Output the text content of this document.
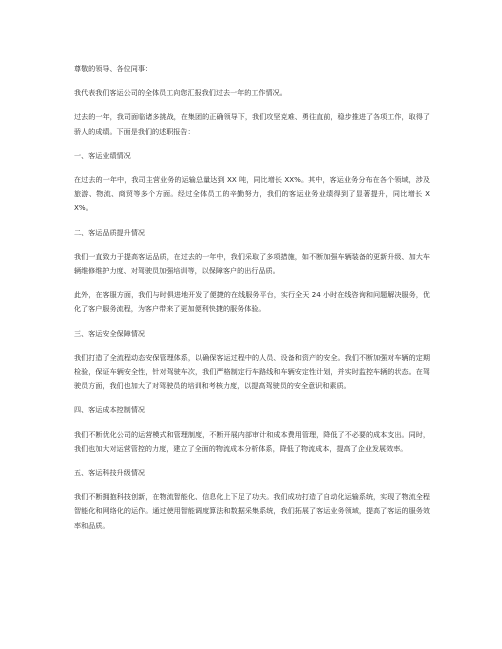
尊敬的领导、各位同事：

我代表我们客运公司的全体员工向您汇报我们过去一年的工作情况。

过去的一年，我司面临诸多挑战，在集团的正确领导下，我们攻坚克难、勇往直前，稳步推进了各项工作，取得了骄人的成绩。下面是我们的述职报告：

一、客运业绩情况

在过去的一年中，我司主营业务的运输总量达到 XX 吨，同比增长 XX%。其中，客运业务分布在各个领域，涉及旅游、物流、商贸等多个方面。经过全体员工的辛勤努力，我们的客运业务业绩得到了显著提升，同比增长 XX%。

二、客运品质提升情况

我们一直致力于提高客运品质，在过去的一年中，我们采取了多项措施，如不断加强车辆装备的更新升级、加大车辆维修维护力度、对驾驶员加强培训等，以保障客户的出行品质。

此外，在客服方面，我们与时俱进地开发了便捷的在线服务平台，实行全天 24 小时在线咨询和问题解决服务，优化了客户服务流程，为客户带来了更加便利快捷的服务体验。

三、客运安全保障情况

我们打造了全流程动态安保管理体系，以确保客运过程中的人员、设备和资产的安全。我们不断加强对车辆的定期检验，保证车辆安全性，针对驾驶车次，我们严格制定行车路线和车辆安定性计划，并实时监控车辆的状态。在驾驶员方面，我们也加大了对驾驶员的培训和考核力度，以提高驾驶员的安全意识和素质。

四、客运成本控制情况

我们不断优化公司的运营模式和管理制度，不断开展内部审计和成本费用管理，降低了不必要的成本支出。同时，我们也加大对运营管控的力度，建立了全面的物流成本分析体系，降低了物流成本，提高了企业发展效率。

五、客运科技升级情况

我们不断拥抱科技创新，在物流智能化、信息化上下足了功夫。我们成功打造了自动化运输系统，实现了物流全程智能化和网络化的运作。通过使用智能调度算法和数据采集系统，我们拓展了客运业务领域，提高了客运的服务效率和品质。
